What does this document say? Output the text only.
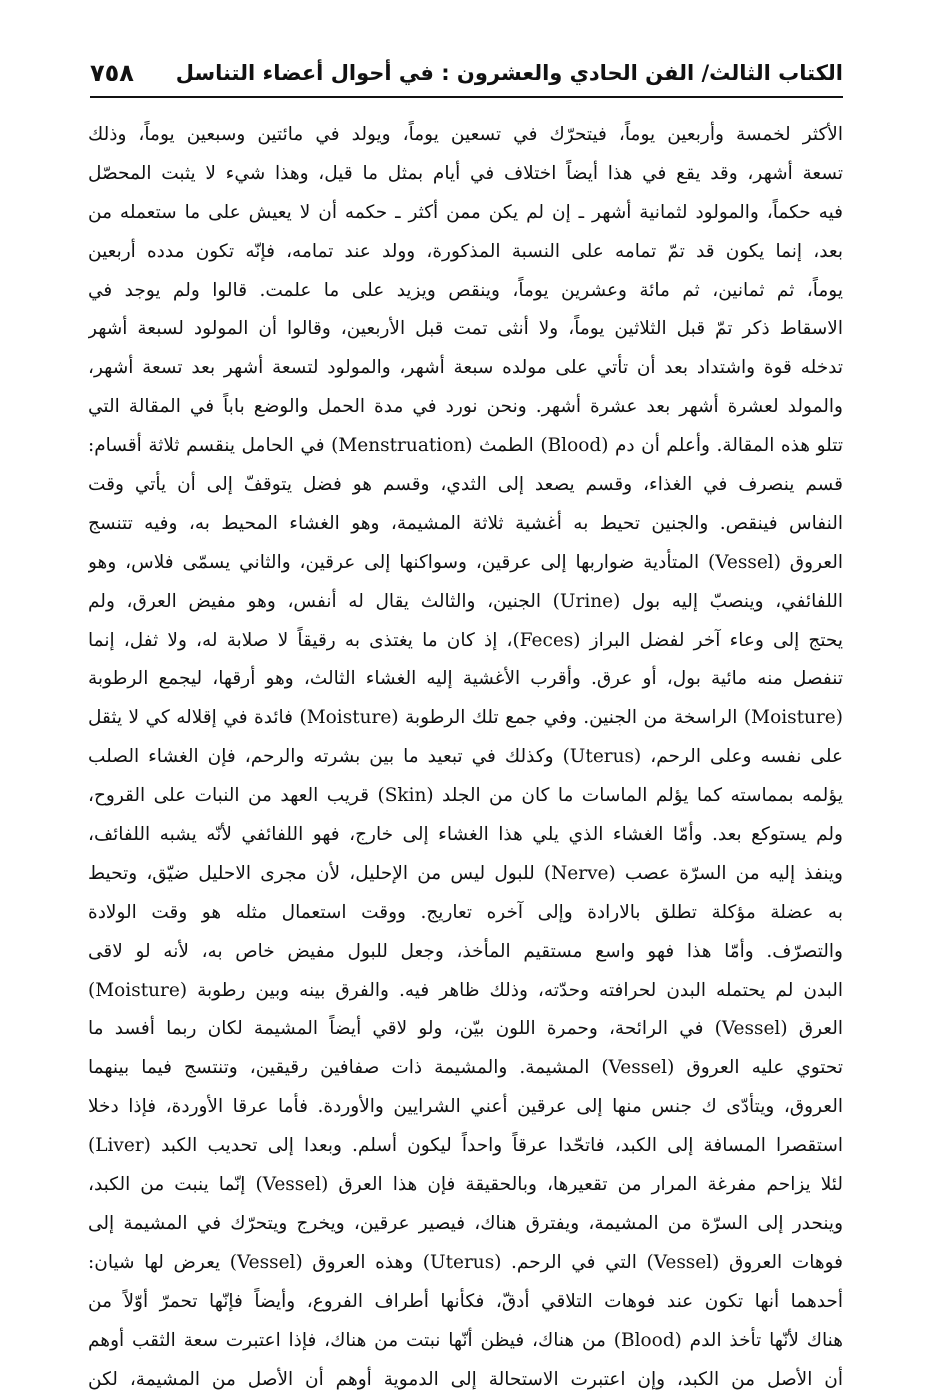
الكتاب الثالث/ الفن الحادي والعشرون : في أحوال أعضاء التناسل
٧٥٨
الأكثر لخمسة وأربعين يوماً، فيتحرّك في تسعين يوماً، ويولد في مائتين وسبعين يوماً، وذلك
تسعة أشهر، وقد يقع في هذا أيضاً اختلاف في أيام بمثل ما قيل، وهذا شيء لا يثبت المحصّل
فيه حكماً، والمولود لثمانية أشهر ـ إن لم يكن ممن أكثر ـ حكمه أن لا يعيش على ما ستعمله من
بعد، إنما يكون قد تمّ تمامه على النسبة المذكورة، وولد عند تمامه، فإنّه تكون مدده أربعين
يوماً، ثم ثمانين، ثم مائة وعشرين يوماً، وينقص ويزيد على ما علمت. قالوا ولم يوجد في
الاسقاط ذكر تمّ قبل الثلاثين يوماً، ولا أنثى تمت قبل الأربعين، وقالوا أن المولود لسبعة أشهر
تدخله قوة واشتداد بعد أن تأتي على مولده سبعة أشهر، والمولود لتسعة أشهر بعد تسعة أشهر،
والمولد لعشرة أشهر بعد عشرة أشهر. ونحن نورد في مدة الحمل والوضع باباً في المقالة التي
تتلو هذه المقالة. وأعلم أن دم (Blood) الطمث (Menstruation) في الحامل ينقسم ثلاثة أقسام:
قسم ينصرف في الغذاء، وقسم يصعد إلى الثدي، وقسم هو فضل يتوقفّ إلى أن يأتي وقت
النفاس فينقص. والجنين تحيط به أغشية ثلاثة المشيمة، وهو الغشاء المحيط به، وفيه تتنسج
العروق (Vessel) المتأدية ضواربها إلى عرقين، وسواكنها إلى عرقين، والثاني يسمّى فلاس، وهو
اللفائفي، وينصبّ إليه بول (Urine) الجنين، والثالث يقال له أنفس، وهو مفيض العرق، ولم
يحتج إلى وعاء آخر لفضل البراز (Feces)، إذ كان ما يغتذى به رقيقاً لا صلابة له، ولا ثفل، إنما
تنفصل منه مائية بول، أو عرق. وأقرب الأغشية إليه الغشاء الثالث، وهو أرقها، ليجمع الرطوبة
(Moisture) الراسخة من الجنين. وفي جمع تلك الرطوبة (Moisture) فائدة في إقلاله كي لا يثقل
على نفسه وعلى الرحم، (Uterus) وكذلك في تبعيد ما بين بشرته والرحم، فإن الغشاء الصلب
يؤلمه بمماسته كما يؤلم الماسات ما كان من الجلد (Skin) قريب العهد من النبات على القروح،
ولم يستوكع بعد. وأمّا الغشاء الذي يلي هذا الغشاء إلى خارج، فهو اللفائفي لأنّه يشبه اللفائف،
وينفذ إليه من السرّة عصب (Nerve) للبول ليس من الإحليل، لأن مجرى الاحليل ضيّق، وتحيط
به عضلة مؤكلة تطلق بالارادة وإلى آخره تعاريج. ووقت استعمال مثله هو وقت الولادة
والتصرّف. وأمّا هذا فهو واسع مستقيم المأخذ، وجعل للبول مفيض خاص به، لأنه لو لاقى
البدن لم يحتمله البدن لحرافته وحدّته، وذلك ظاهر فيه. والفرق بينه وبين رطوبة (Moisture)
العرق (Vessel) في الرائحة، وحمرة اللون بيّن، ولو لاقي أيضاً المشيمة لكان ربما أفسد ما
تحتوي عليه العروق (Vessel) المشيمة. والمشيمة ذات صفافين رقيقين، وتنتسج فيما بينهما
العروق، ويتأدّى ك جنس منها إلى عرقين أعني الشرايين والأوردة. فأما عرقا الأوردة، فإذا دخلا
استقصرا المسافة إلى الكبد، فاتحّدا عرقاً واحداً ليكون أسلم. وبعدا إلى تحديب الكبد (Liver)
لئلا يزاحم مفرغة المرار من تقعيرها، وبالحقيقة فإن هذا العرق (Vessel) إنّما ينبت من الكبد،
وينحدر إلى السرّة من المشيمة، ويفترق هناك، فيصير عرقين، ويخرج ويتحرّك في المشيمة إلى
فوهات العروق (Vessel) التي في الرحم. (Uterus) وهذه العروق (Vessel) يعرض لها شيان:
أحدهما أنها تكون عند فوهات التلاقي أدقّ، فكأنها أطراف الفروع، وأيضاً فإنّها تحمرّ أوّلاً من
هناك لأنّها تأخذ الدم (Blood) من هناك، فيظن أنّها نبتت من هناك، فإذا اعتبرت سعة الثقب أوهم
أن الأصل من الكبد، وإن اعتبرت الاستحالة إلى الدموية أوهم أن الأصل من المشيمة، لكن
